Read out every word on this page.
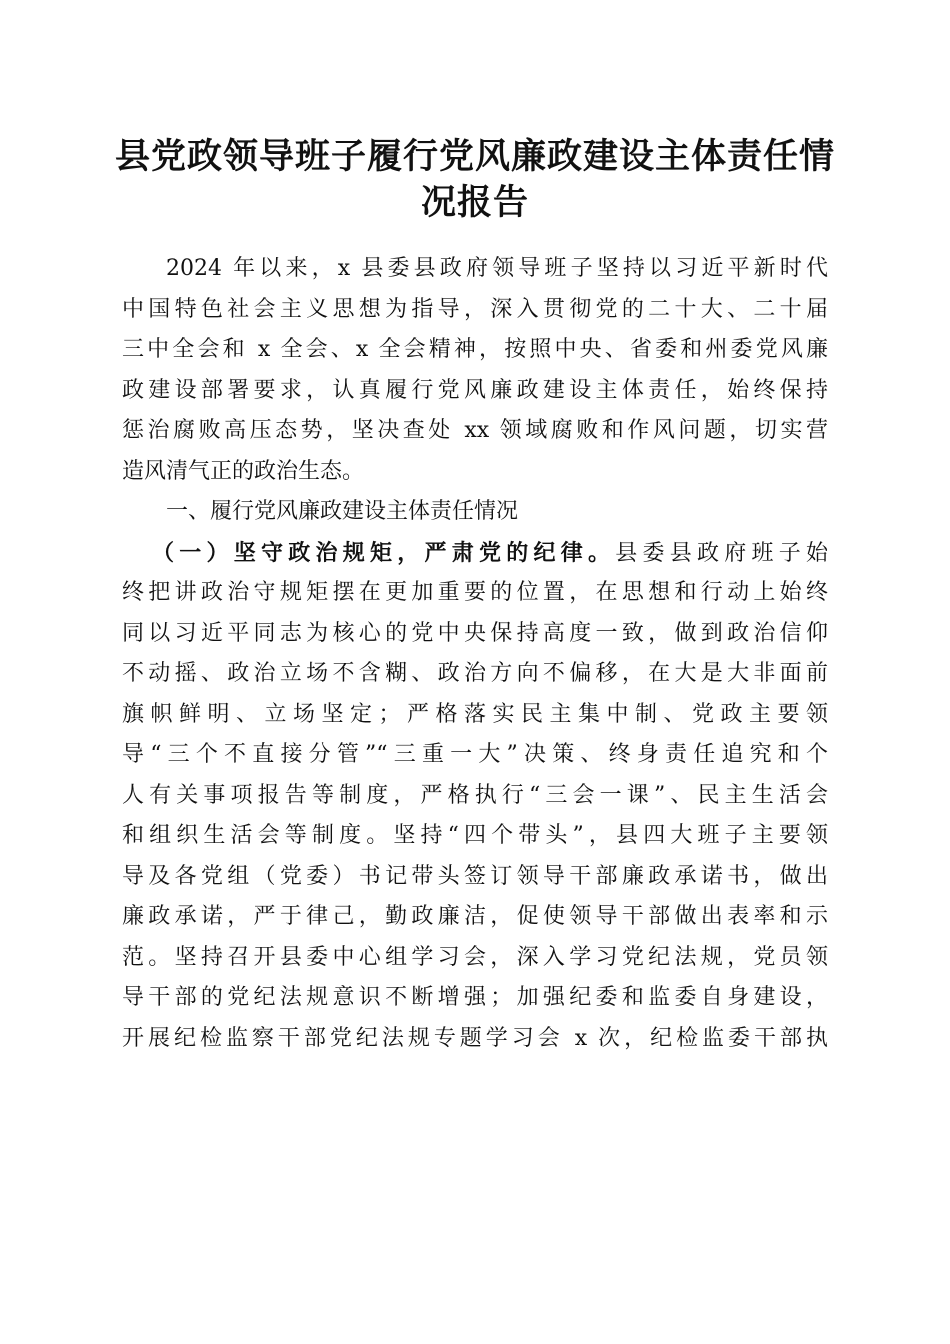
县党政领导班子履行党风廉政建设主体责任情
况报告
2024 年以来，x 县委县政府领导班子坚持以习近平新时代
中国特色社会主义思想为指导，深入贯彻党的二十大、二十届
三中全会和 x 全会、x 全会精神，按照中央、省委和州委党风廉
政建设部署要求，认真履行党风廉政建设主体责任，始终保持
惩治腐败高压态势，坚决查处 xx 领域腐败和作风问题，切实营
造风清气正的政治生态。
一、履行党风廉政建设主体责任情况
（一）坚守政治规矩，严肃党的纪律。县委县政府班子始
终把讲政治守规矩摆在更加重要的位置，在思想和行动上始终
同以习近平同志为核心的党中央保持高度一致，做到政治信仰
不动摇、政治立场不含糊、政治方向不偏移，在大是大非面前
旗帜鲜明、立场坚定；严格落实民主集中制、党政主要领
导“三个不直接分管”“三重一大”决策、终身责任追究和个
人有关事项报告等制度，严格执行“三会一课”、民主生活会
和组织生活会等制度。坚持“四个带头”，县四大班子主要领
导及各党组（党委）书记带头签订领导干部廉政承诺书，做出
廉政承诺，严于律己，勤政廉洁，促使领导干部做出表率和示
范。坚持召开县委中心组学习会，深入学习党纪法规，党员领
导干部的党纪法规意识不断增强；加强纪委和监委自身建设，
开展纪检监察干部党纪法规专题学习会 x 次，纪检监委干部执
